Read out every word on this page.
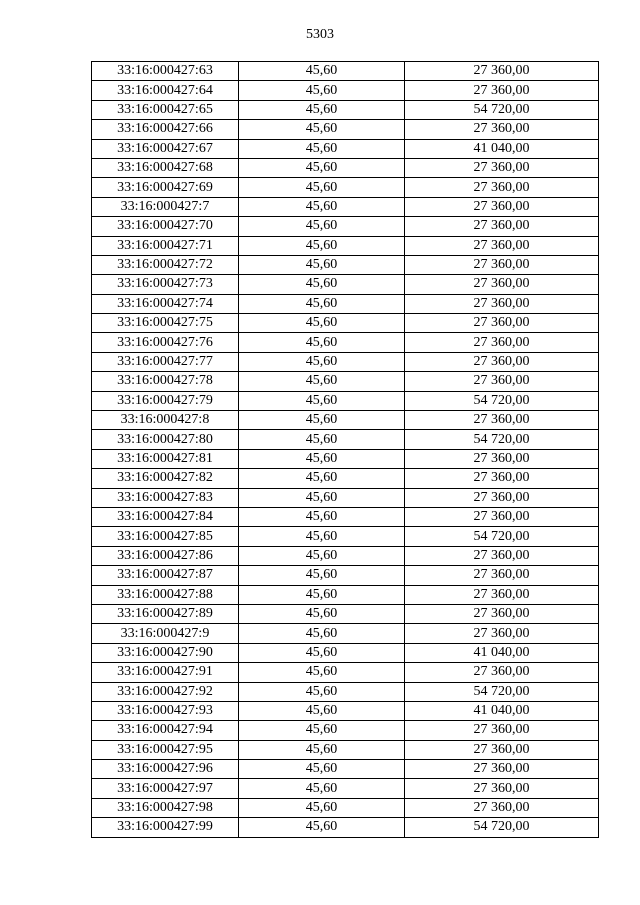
5303
33:16:000427:63	45,60	27 360,00
33:16:000427:64	45,60	27 360,00
33:16:000427:65	45,60	54 720,00
33:16:000427:66	45,60	27 360,00
33:16:000427:67	45,60	41 040,00
33:16:000427:68	45,60	27 360,00
33:16:000427:69	45,60	27 360,00
33:16:000427:7	45,60	27 360,00
33:16:000427:70	45,60	27 360,00
33:16:000427:71	45,60	27 360,00
33:16:000427:72	45,60	27 360,00
33:16:000427:73	45,60	27 360,00
33:16:000427:74	45,60	27 360,00
33:16:000427:75	45,60	27 360,00
33:16:000427:76	45,60	27 360,00
33:16:000427:77	45,60	27 360,00
33:16:000427:78	45,60	27 360,00
33:16:000427:79	45,60	54 720,00
33:16:000427:8	45,60	27 360,00
33:16:000427:80	45,60	54 720,00
33:16:000427:81	45,60	27 360,00
33:16:000427:82	45,60	27 360,00
33:16:000427:83	45,60	27 360,00
33:16:000427:84	45,60	27 360,00
33:16:000427:85	45,60	54 720,00
33:16:000427:86	45,60	27 360,00
33:16:000427:87	45,60	27 360,00
33:16:000427:88	45,60	27 360,00
33:16:000427:89	45,60	27 360,00
33:16:000427:9	45,60	27 360,00
33:16:000427:90	45,60	41 040,00
33:16:000427:91	45,60	27 360,00
33:16:000427:92	45,60	54 720,00
33:16:000427:93	45,60	41 040,00
33:16:000427:94	45,60	27 360,00
33:16:000427:95	45,60	27 360,00
33:16:000427:96	45,60	27 360,00
33:16:000427:97	45,60	27 360,00
33:16:000427:98	45,60	27 360,00
33:16:000427:99	45,60	54 720,00
